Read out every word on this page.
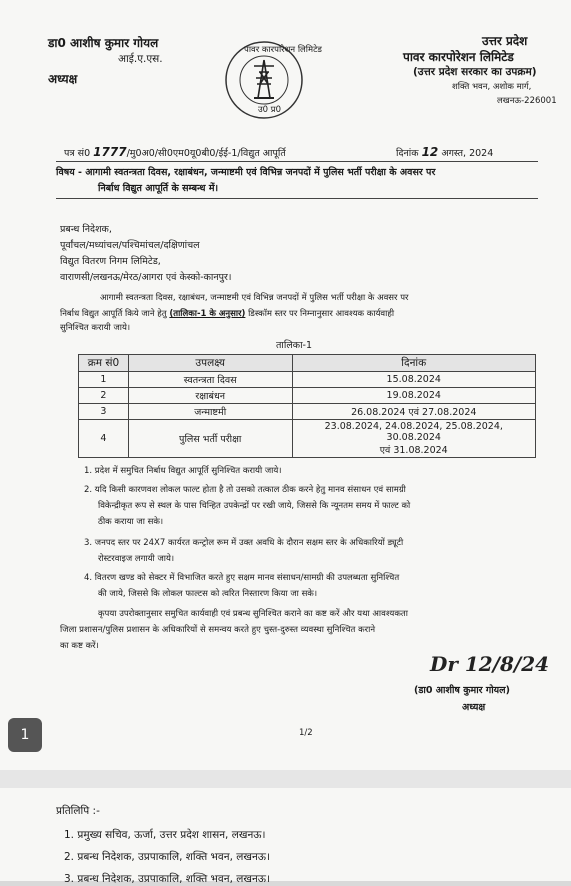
डा0 आशीष कुमार गोयल
आई.ए.एस.
अध्यक्ष
पावर कारपोरेशन लिमिटेड
उ0 प्र0
उत्तर प्रदेश
पावर कारपोरेशन लिमिटेड
(उत्तर प्रदेश सरकार का उपक्रम)
शक्ति भवन, अशोक मार्ग,
लखनऊ-226001
पत्र सं0 1777/मु0अ0/सी0एम0यू0बी0/ईई-1/विद्युत आपूर्ति	दिनांक 12 अगस्त, 2024
विषय - आगामी स्वतन्त्रता दिवस, रक्षाबंधन, जन्माष्टमी एवं विभिन्न जनपदों में पुलिस भर्ती परीक्षा के अवसर पर
निर्बाध विद्युत आपूर्ति के सम्बन्ध में।
प्रबन्ध निदेशक,
पूर्वांचल/मध्यांचल/पश्चिमांचल/दक्षिणांचल
विद्युत वितरण निगम लिमिटेड,
वाराणसी/लखनऊ/मेरठ/आगरा एवं केस्को-कानपुर।
आगामी स्वतन्त्रता दिवस, रक्षाबंधन, जन्माष्टमी एवं विभिन्न जनपदों में पुलिस भर्ती परीक्षा के अवसर पर
निर्बाध विद्युत आपूर्ति किये जाने हेतु (तालिका-1 के अनुसार) डिस्कॉम स्तर पर निम्नानुसार आवश्यक कार्यवाही
सुनिश्चित करायी जाये।
तालिका-1
क्रम सं0	उपलक्ष्य	दिनांक
1	स्वतन्त्रता दिवस	15.08.2024
2	रक्षाबंधन	19.08.2024
3	जन्माष्टमी	26.08.2024 एवं 27.08.2024
4	पुलिस भर्ती परीक्षा	23.08.2024, 24.08.2024, 25.08.2024, 30.08.2024
एवं 31.08.2024
1. प्रदेश में समुचित निर्बाध विद्युत आपूर्ति सुनिश्चित करायी जाये।
2. यदि किसी कारणवश लोकल फाल्ट होता है तो उसको तत्काल ठीक करने हेतु मानव संसाधन एवं सामग्री
विकेन्द्रीकृत रूप से स्थल के पास चिन्हित उपकेन्द्रों पर रखी जाये, जिससे कि न्यूनतम समय में फाल्ट को
ठीक कराया जा सके।
3. जनपद स्तर पर 24X7 कार्यरत कन्ट्रोल रूम में उक्त अवधि के दौरान सक्षम स्तर के अधिकारियों ड्यूटी
रोस्टरवाइज लगायी जाये।
4. वितरण खण्ड को सेक्टर में विभाजित करते हुए सक्षम मानव संसाधन/सामग्री की उपलब्धता सुनिश्चित
की जाये, जिससे कि लोकल फाल्टस को त्वरित निस्तारण किया जा सके।
कृपया उपरोक्तानुसार समुचित कार्यवाही एवं प्रबन्ध सुनिश्चित कराने का कष्ट करें और यथा आवश्यकता
जिला प्रशासन/पुलिस प्रशासन के अधिकारियों से समन्वय करते हुए चुस्त-दुरुस्त व्यवस्था सुनिश्चित कराने
का कष्ट करें।
Dr 12/8/24
(डा0 आशीष कुमार गोयल)
अध्यक्ष
1/2
प्रतिलिपि :-
1. प्रमुख्य सचिव, ऊर्जा, उत्तर प्रदेश शासन, लखनऊ।
2. प्रबन्ध निदेशक, उप्रपाकालि, शक्ति भवन, लखनऊ।
3. प्रबन्ध निदेशक, उप्रपाकालि, शक्ति भवन, लखनऊ।
1
